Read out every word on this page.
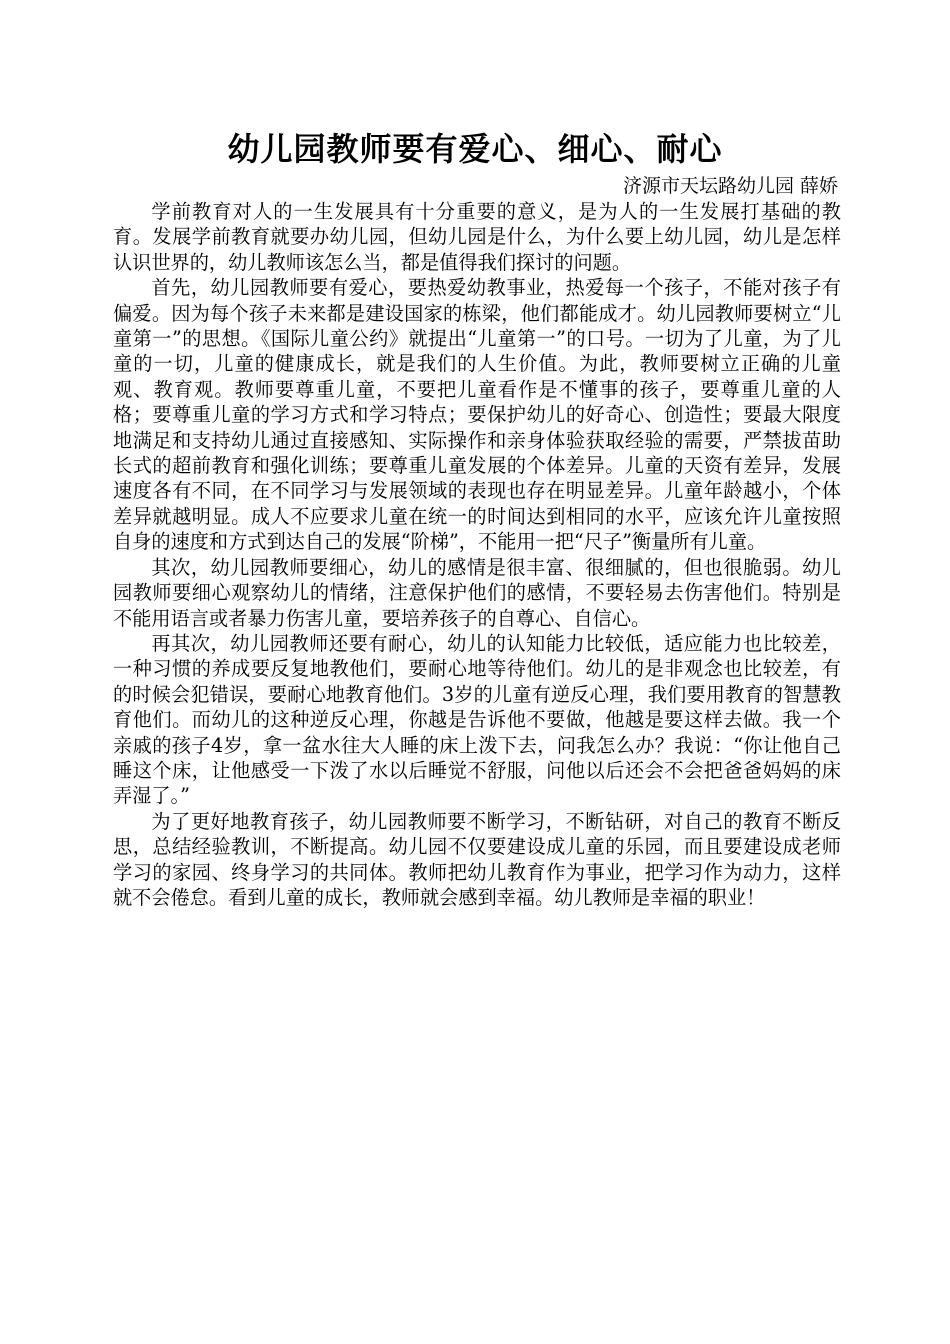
幼儿园教师要有爱心、细心、耐心

济源市天坛路幼儿园 薛娇

学前教育对人的一生发展具有十分重要的意义，是为人的一生发展打基础的教育。发展学前教育就要办幼儿园，但幼儿园是什么，为什么要上幼儿园，幼儿是怎样认识世界的，幼儿教师该怎么当，都是值得我们探讨的问题。

首先，幼儿园教师要有爱心，要热爱幼教事业，热爱每一个孩子，不能对孩子有偏爱。因为每个孩子未来都是建设国家的栋梁，他们都能成才。幼儿园教师要树立“儿童第一”的思想。《国际儿童公约》就提出“儿童第一”的口号。一切为了儿童，为了儿童的一切，儿童的健康成长，就是我们的人生价值。为此，教师要树立正确的儿童观、教育观。教师要尊重儿童，不要把儿童看作是不懂事的孩子，要尊重儿童的人格；要尊重儿童的学习方式和学习特点；要保护幼儿的好奇心、创造性；要最大限度地满足和支持幼儿通过直接感知、实际操作和亲身体验获取经验的需要，严禁拔苗助长式的超前教育和强化训练；要尊重儿童发展的个体差异。儿童的天资有差异，发展速度各有不同，在不同学习与发展领域的表现也存在明显差异。儿童年龄越小，个体差异就越明显。成人不应要求儿童在统一的时间达到相同的水平，应该允许儿童按照自身的速度和方式到达自己的发展“阶梯”，不能用一把“尺子”衡量所有儿童。

其次，幼儿园教师要细心，幼儿的感情是很丰富、很细腻的，但也很脆弱。幼儿园教师要细心观察幼儿的情绪，注意保护他们的感情，不要轻易去伤害他们。特别是不能用语言或者暴力伤害儿童，要培养孩子的自尊心、自信心。

再其次，幼儿园教师还要有耐心，幼儿的认知能力比较低，适应能力也比较差，一种习惯的养成要反复地教他们，要耐心地等待他们。幼儿的是非观念也比较差，有的时候会犯错误，要耐心地教育他们。3岁的儿童有逆反心理，我们要用教育的智慧教育他们。而幼儿的这种逆反心理，你越是告诉他不要做，他越是要这样去做。我一个亲戚的孩子4岁，拿一盆水往大人睡的床上泼下去，问我怎么办？我说：“你让他自己睡这个床，让他感受一下泼了水以后睡觉不舒服，问他以后还会不会把爸爸妈妈的床弄湿了。”

为了更好地教育孩子，幼儿园教师要不断学习，不断钻研，对自己的教育不断反思，总结经验教训，不断提高。幼儿园不仅要建设成儿童的乐园，而且要建设成老师学习的家园、终身学习的共同体。教师把幼儿教育作为事业，把学习作为动力，这样就不会倦怠。看到儿童的成长，教师就会感到幸福。幼儿教师是幸福的职业！
